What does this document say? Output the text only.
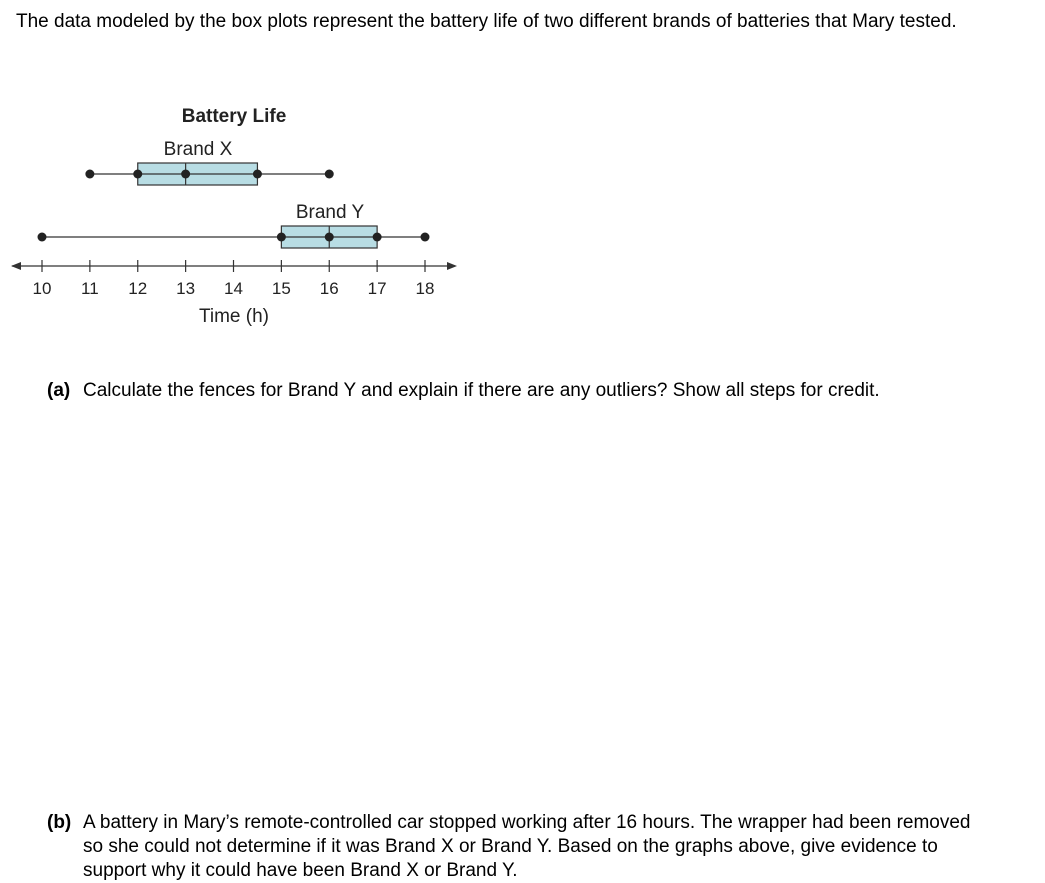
The data modeled by the box plots represent the battery life of two different brands of batteries that Mary tested.

Battery Life
Brand X
Brand Y
10 11 12 13 14 15 16 17 18
Time (h)

(a) Calculate the fences for Brand Y and explain if there are any outliers? Show all steps for credit.

(b) A battery in Mary’s remote-controlled car stopped working after 16 hours. The wrapper had been removed so she could not determine if it was Brand X or Brand Y. Based on the graphs above, give evidence to support why it could have been Brand X or Brand Y.
